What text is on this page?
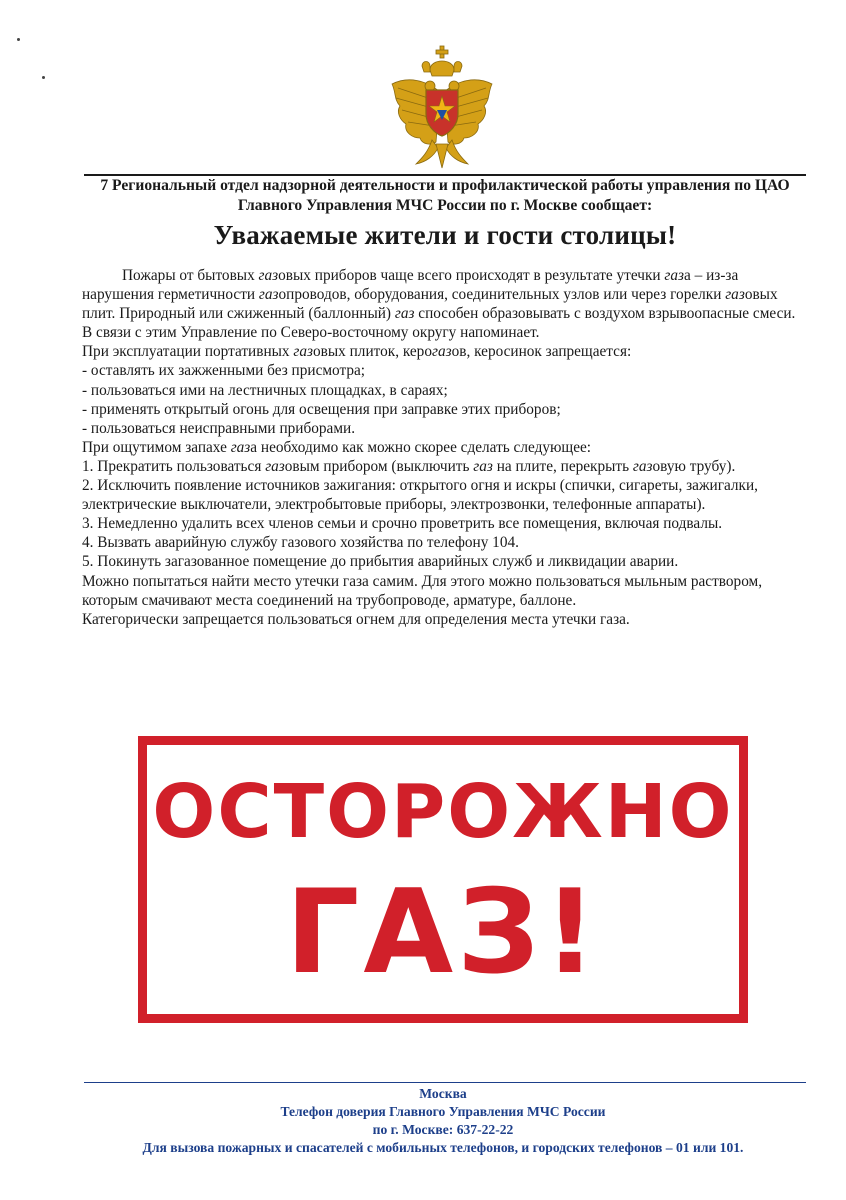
7 Региональный отдел надзорной деятельности и профилактической работы управления по ЦАО Главного Управления МЧС России по г. Москве сообщает:
Уважаемые жители и гости столицы!

Пожары от бытовых газовых приборов чаще всего происходят в результате утечки газа – из-за нарушения герметичности газопроводов, оборудования, соединительных узлов или через горелки газовых плит. Природный или сжиженный (баллонный) газ способен образовывать с воздухом взрывоопасные смеси.

В связи с этим Управление по Северо-восточному округу напоминает.

При эксплуатации портативных газовых плиток, керогазов, керосинок запрещается:

- оставлять их зажженными без присмотра;

- пользоваться ими на лестничных площадках, в сараях;

- применять открытый огонь для освещения при заправке этих приборов;

- пользоваться неисправными приборами.

При ощутимом запахе газа необходимо как можно скорее сделать следующее:

1. Прекратить пользоваться газовым прибором (выключить газ на плите, перекрыть газовую трубу).

2. Исключить появление источников зажигания: открытого огня и искры (спички, сигареты, зажигалки, электрические выключатели, электробытовые приборы, электрозвонки, телефонные аппараты).

3. Немедленно удалить всех членов семьи и срочно проветрить все помещения, включая подвалы.

4. Вызвать аварийную службу газового хозяйства по телефону 104.

5. Покинуть загазованное помещение до прибытия аварийных служб и ликвидации аварии.

Можно попытаться найти место утечки газа самим. Для этого можно пользоваться мыльным раствором, которым смачивают места соединений на трубопроводе, арматуре, баллоне.

Категорически запрещается пользоваться огнем для определения места утечки газа.

ОСТОРОЖНО
ГАЗ!
Москва
Телефон доверия Главного Управления МЧС России
по г. Москве: 637-22-22
Для вызова пожарных и спасателей с мобильных телефонов, и городских телефонов – 01 или 101.
